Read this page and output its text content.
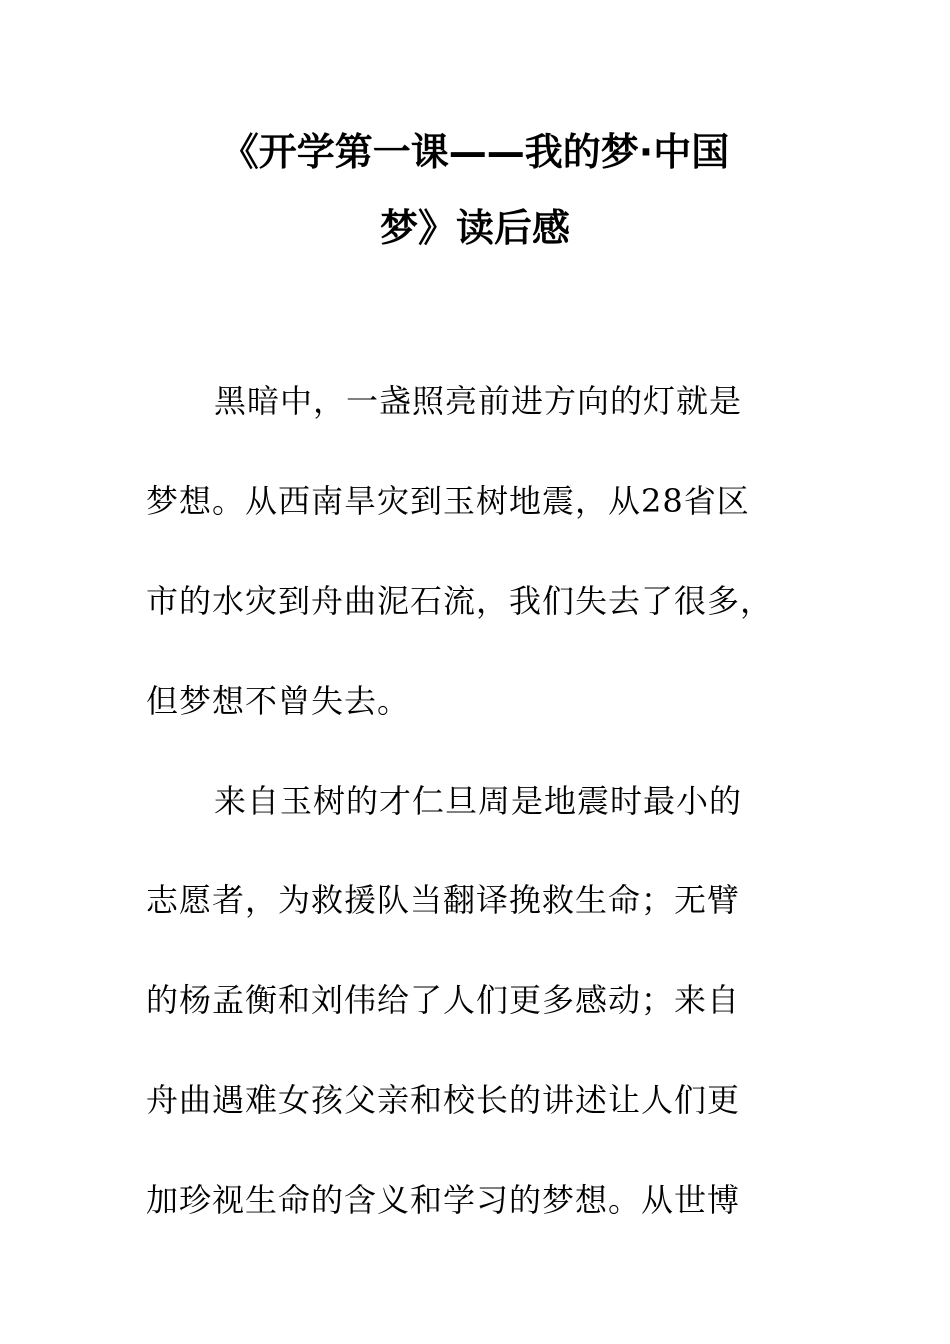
《开学第一课——我的梦·中国
梦》读后感
黑暗中，一盏照亮前进方向的灯就是
梦想。从西南旱灾到玉树地震，从28省区
市的水灾到舟曲泥石流，我们失去了很多，
但梦想不曾失去。
来自玉树的才仁旦周是地震时最小的
志愿者，为救援队当翻译挽救生命；无臂
的杨孟衡和刘伟给了人们更多感动；来自
舟曲遇难女孩父亲和校长的讲述让人们更
加珍视生命的含义和学习的梦想。从世博
